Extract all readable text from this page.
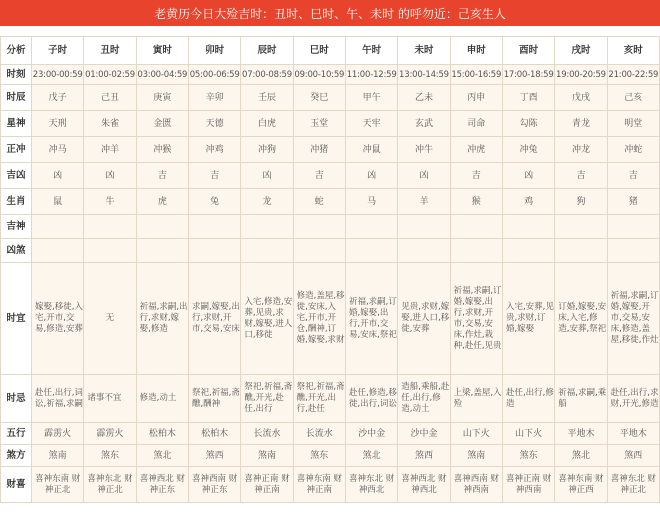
老黄历今日大殓吉时：丑时、巳时、午、未时 的呼勿近：己亥生人
分析	子时	丑时	寅时	卯时	辰时	巳时	午时	未时	申时	酉时	戌时	亥时
时刻	23:00-00:59	01:00-02:59	03:00-04:59	05:00-06:59	07:00-08:59	09:00-10:59	11:00-12:59	13:00-14:59	15:00-16:59	17:00-18:59	19:00-20:59	21:00-22:59
时辰	戊子	己丑	庚寅	辛卯	壬辰	癸巳	甲午	乙未	丙申	丁酉	戊戌	己亥
星神	天刑	朱雀	金匮	天德	白虎	玉堂	天牢	玄武	司命	勾陈	青龙	明堂
正冲	冲马	冲羊	冲猴	冲鸡	冲狗	冲猪	冲鼠	冲牛	冲虎	冲兔	冲龙	冲蛇
吉凶	凶	凶	吉	吉	凶	吉	凶	凶	吉	凶	吉	吉
生肖	鼠	牛	虎	兔	龙	蛇	马	羊	猴	鸡	狗	猪
吉神												
凶煞												
时宜	嫁娶,移徙,入宅,开市,交易,修造,安葬	无	祈福,求嗣,出行,求财,嫁娶,修造	求嗣,嫁娶,出行,求财,开市,交易,安床	入宅,修造,安葬,见贵,求财,嫁娶,进人口,移徙	修造,盖屋,移徙,安床,入宅,开市,开仓,酬神,订婚,嫁娶,求财	祈福,求嗣,订婚,嫁娶,出行,开市,交易,安床,祭祀	见贵,求财,嫁娶,进人口,移徙,安葬	祈福,求嗣,订婚,嫁娶,出行,求财,开市,交易,安床,作灶,栽种,赴任,见贵	入宅,安葬,见贵,求财,订婚,嫁娶	订婚,嫁娶,安床,入宅,修造,安葬,祭祀	祈福,求嗣,订婚,嫁娶,开市,交易,安床,修造,盖屋,移徙,作灶
时忌	赴任,出行,词讼,祈福,求嗣	诸事不宜	修造,动土	祭祀,祈福,斋醮,酬神	祭祀,祈福,斋醮,开光,赴任,出行	祭祀,祈福,斋醮,开光,出行,赴任	赴任,修造,移徙,出行,词讼	造船,乘船,赴任,出行,修造,动土	上梁,盖屋,入殓	赴任,出行,修造	祈福,求嗣,乘船	赴任,出行,求财,开光,修造
五行	霹雳火	霹雳火	松柏木	松柏木	长流水	长流水	沙中金	沙中金	山下火	山下火	平地木	平地木
煞方	煞南	煞东	煞北	煞西	煞南	煞东	煞北	煞西	煞南	煞东	煞北	煞西
财喜	喜神东南 财神正北	喜神东北 财神正北	喜神西北 财神正东	喜神西南 财神正东	喜神正南 财神正南	喜神东南 财神正南	喜神东北 财神西北	喜神西北 财神西北	喜神西南 财神西南	喜神正南 财神西南	喜神东南 财神正西	喜神东北 财神正北
